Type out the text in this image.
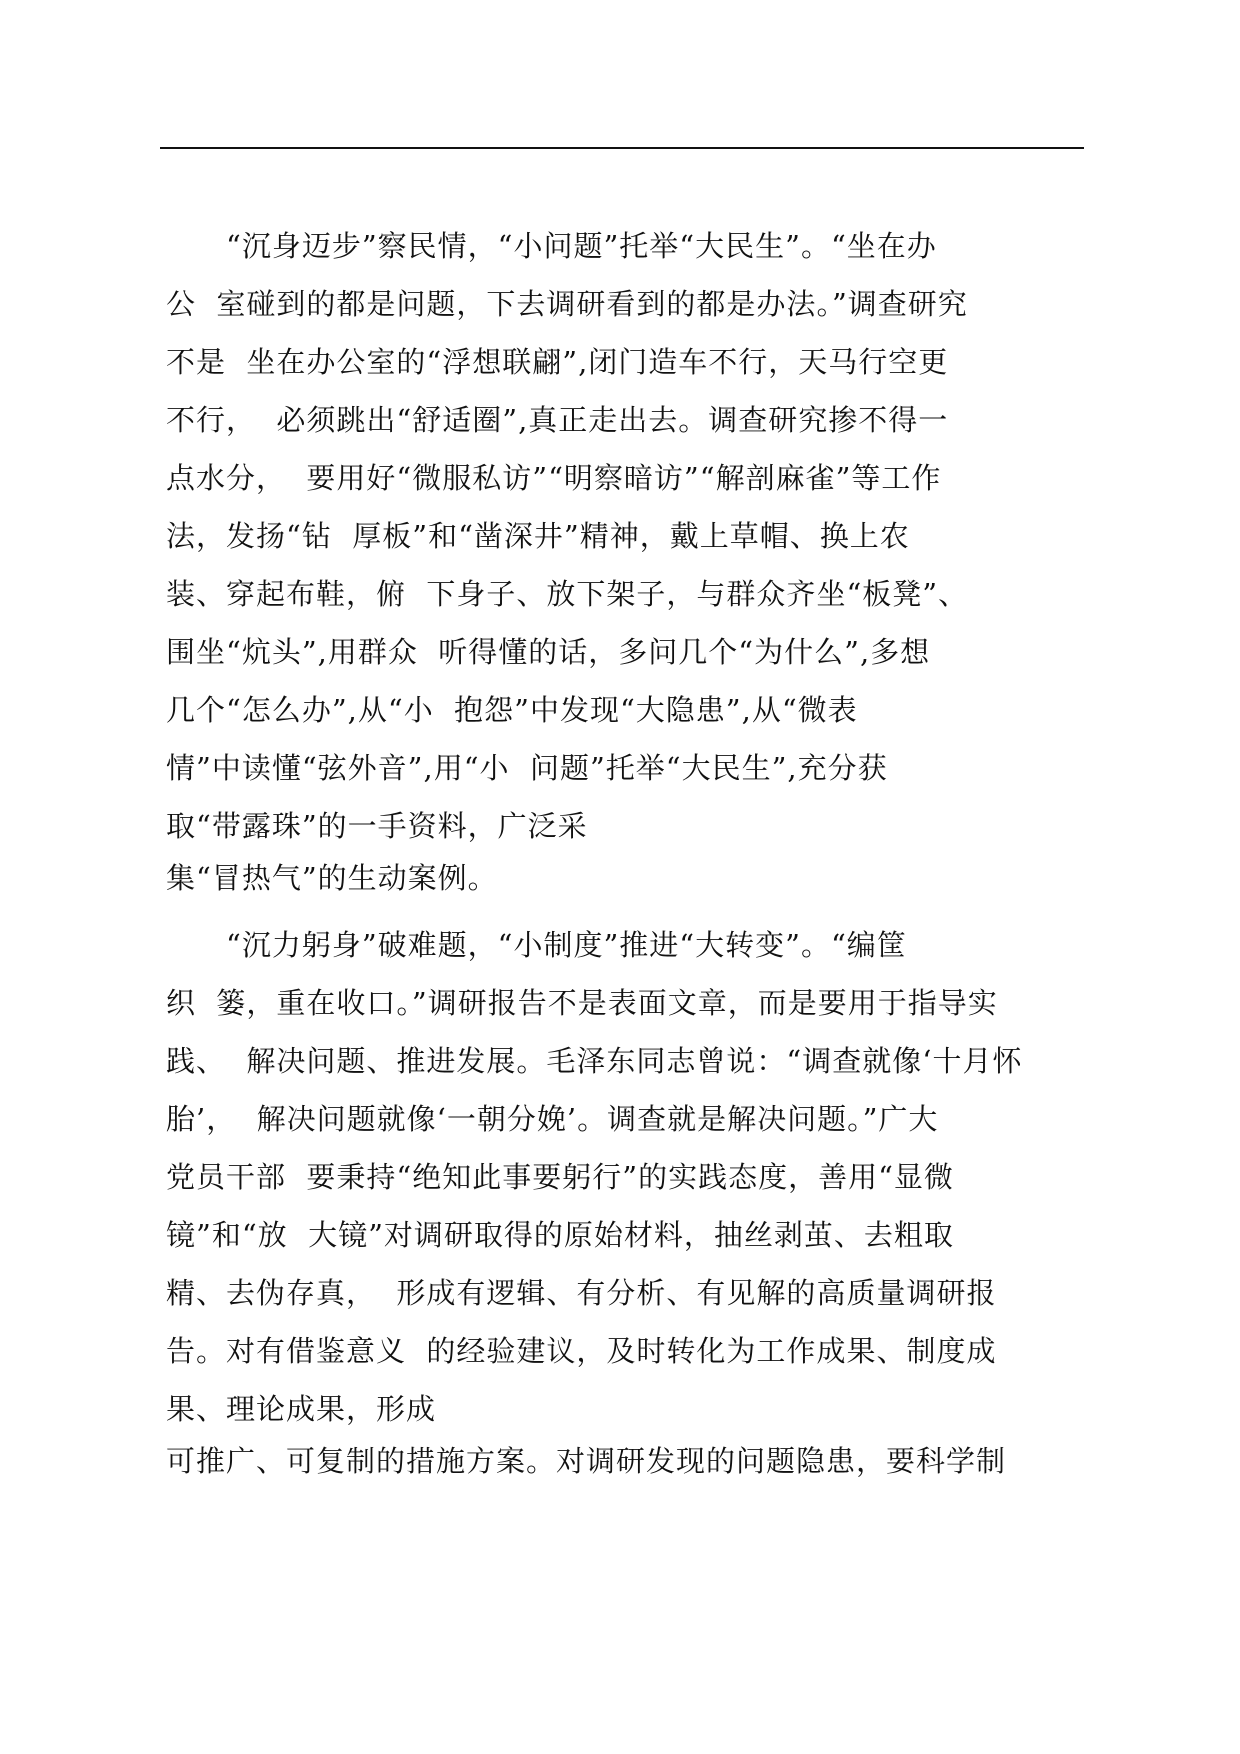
　　“沉身迈步”察民情，“小问题”托举“大民生”。“坐在办
公  室碰到的都是问题，下去调研看到的都是办法。”调查研究
不是  坐在办公室的“浮想联翩”,闭门造车不行，天马行空更
不行，  必须跳出“舒适圈”,真正走出去。调查研究掺不得一
点水分，  要用好“微服私访”“明察暗访”“解剖麻雀”等工作
法，发扬“钻  厚板”和“凿深井”精神，戴上草帽、换上农
装、穿起布鞋，俯  下身子、放下架子，与群众齐坐“板凳”、
围坐“炕头”,用群众  听得懂的话，多问几个“为什么”,多想
几个“怎么办”,从“小  抱怨”中发现“大隐患”,从“微表
情”中读懂“弦外音”,用“小  问题”托举“大民生”,充分获
取“带露珠”的一手资料，广泛采
集“冒热气”的生动案例。
　　“沉力躬身”破难题，“小制度”推进“大转变”。“编筐
织  篓，重在收口。”调研报告不是表面文章，而是要用于指导实
践、  解决问题、推进发展。毛泽东同志曾说：“调查就像‘十月怀
胎’，  解决问题就像‘一朝分娩’。调查就是解决问题。”广大
党员干部  要秉持“绝知此事要躬行”的实践态度，善用“显微
镜”和“放  大镜”对调研取得的原始材料，抽丝剥茧、去粗取
精、去伪存真，  形成有逻辑、有分析、有见解的高质量调研报
告。对有借鉴意义  的经验建议，及时转化为工作成果、制度成
果、理论成果，形成
可推广、可复制的措施方案。对调研发现的问题隐患，要科学制
